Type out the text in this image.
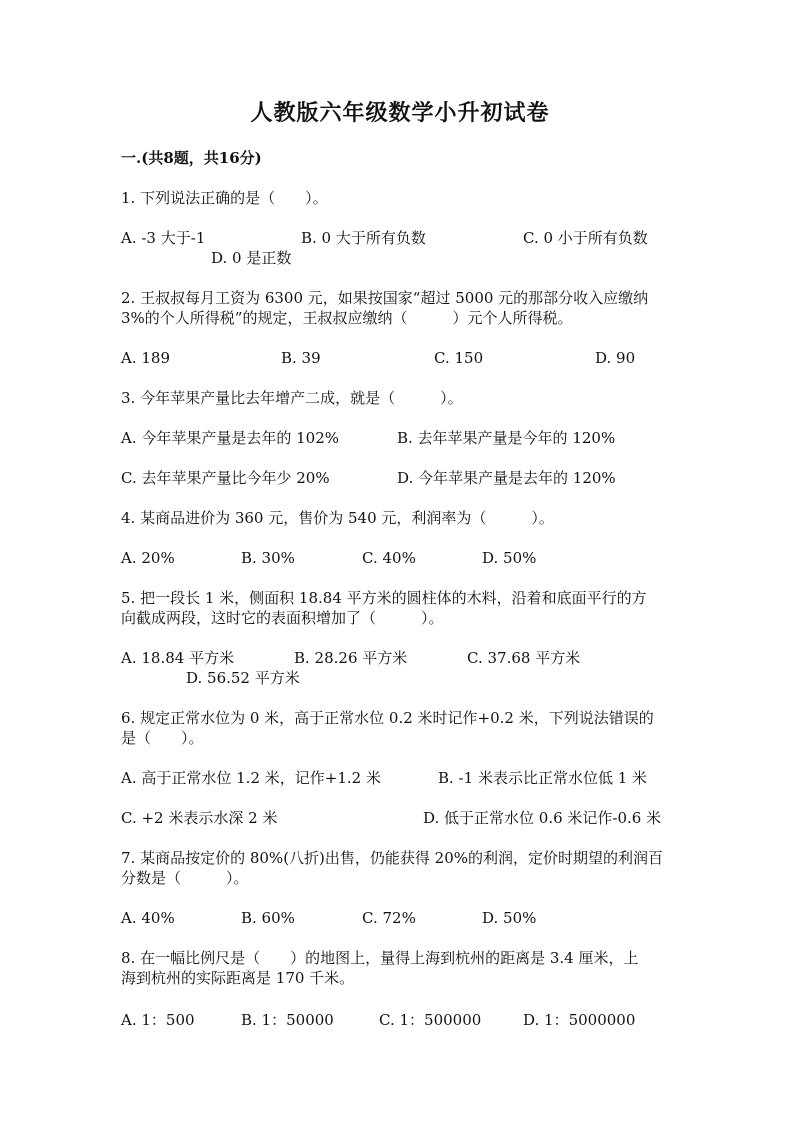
人教版六年级数学小升初试卷
一.(共8题，共16分)
1. 下列说法正确的是（　　）。
A. -3 大于-1	B. 0 大于所有负数	C. 0 小于所有负数
D. 0 是正数
2. 王叔叔每月工资为 6300 元，如果按国家“超过 5000 元的那部分收入应缴纳
3%的个人所得税”的规定，王叔叔应缴纳（　　　）元个人所得税。
A. 189	B. 39	C. 150	D. 90
3. 今年苹果产量比去年增产二成，就是（　　　）。
A. 今年苹果产量是去年的 102%	B. 去年苹果产量是今年的 120%
C. 去年苹果产量比今年少 20%	D. 今年苹果产量是去年的 120%
4. 某商品进价为 360 元，售价为 540 元，利润率为（　　　）。
A. 20%	B. 30%	C. 40%	D. 50%
5. 把一段长 1 米，侧面积 18.84 平方米的圆柱体的木料，沿着和底面平行的方
向截成两段，这时它的表面积增加了（　　　）。
A. 18.84 平方米	B. 28.26 平方米	C. 37.68 平方米
D. 56.52 平方米
6. 规定正常水位为 0 米，高于正常水位 0.2 米时记作+0.2 米，下列说法错误的
是（　　）。
A. 高于正常水位 1.2 米，记作+1.2 米	B. -1 米表示比正常水位低 1 米
C. +2 米表示水深 2 米	D. 低于正常水位 0.6 米记作-0.6 米
7. 某商品按定价的 80%(八折)出售，仍能获得 20%的利润，定价时期望的利润百
分数是（　　　）。
A. 40%	B. 60%	C. 72%	D. 50%
8. 在一幅比例尺是（　　）的地图上，量得上海到杭州的距离是 3.4 厘米，上
海到杭州的实际距离是 170 千米。
A. 1：500	B. 1：50000	C. 1：500000	D. 1：5000000
